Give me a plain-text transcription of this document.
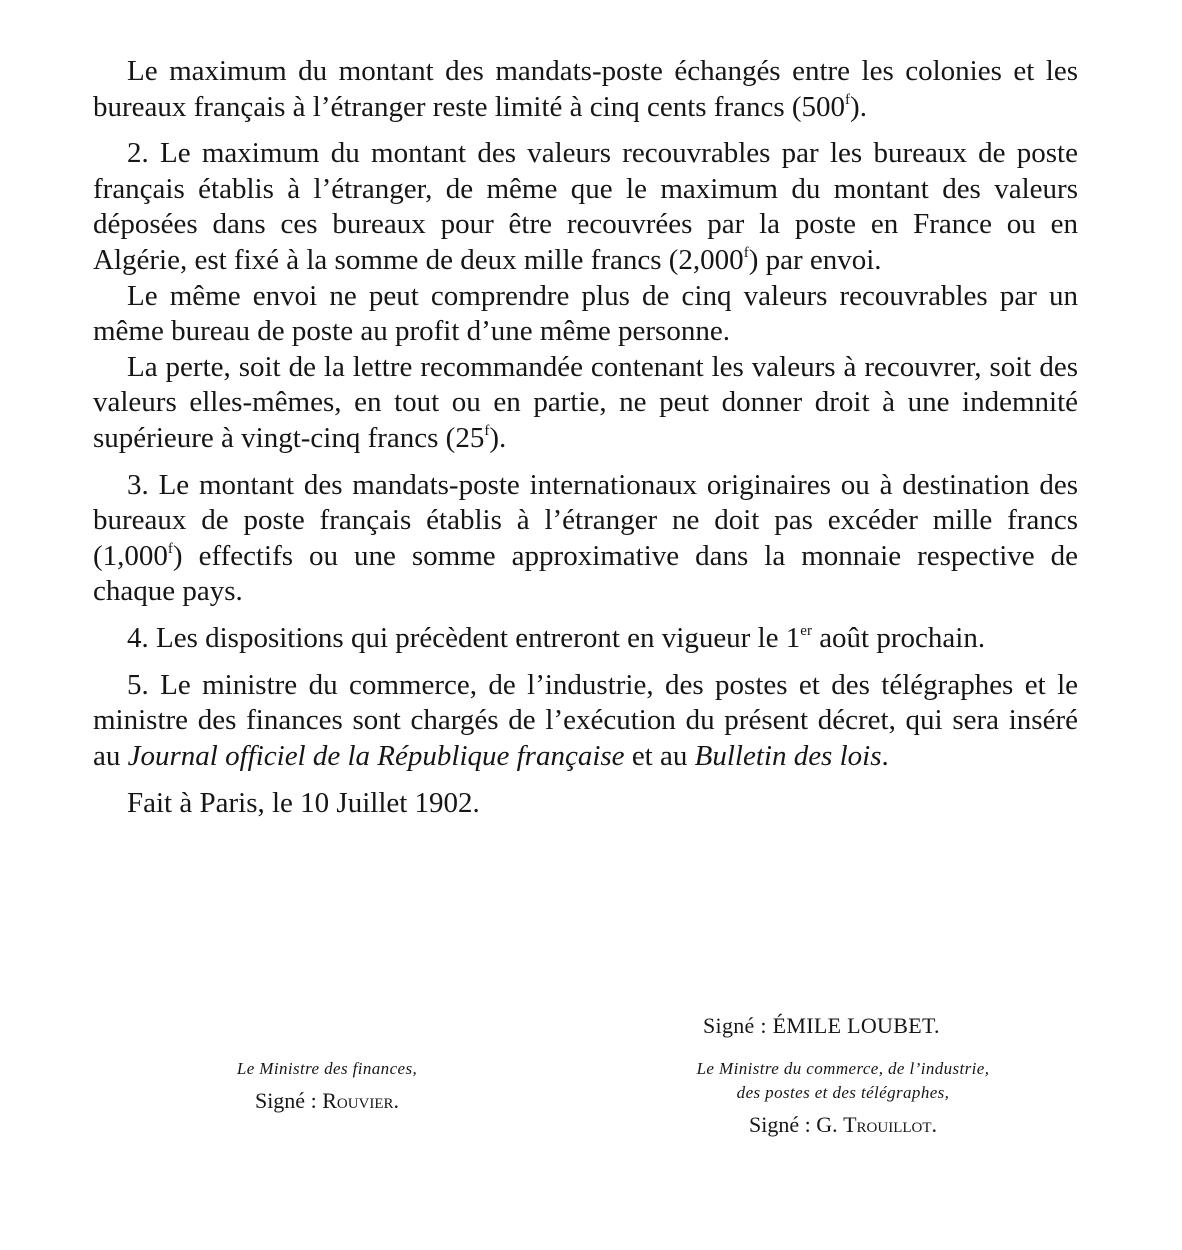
Le maximum du montant des mandats-poste échangés entre les colonies et les bureaux français à l’étranger reste limité à cinq cents francs (500$^f$).

2. Le maximum du montant des valeurs recouvrables par les bureaux de poste français établis à l’étranger, de même que le maximum du montant des valeurs déposées dans ces bureaux pour être recouvrées par la poste en France ou en Algérie, est fixé à la somme de deux mille francs (2,000$^f$) par envoi.

Le même envoi ne peut comprendre plus de cinq valeurs recouvrables par un même bureau de poste au profit d’une même personne.

La perte, soit de la lettre recommandée contenant les valeurs à recouvrer, soit des valeurs elles-mêmes, en tout ou en partie, ne peut donner droit à une indemnité supérieure à vingt-cinq francs (25$^f$).

3. Le montant des mandats-poste internationaux originaires ou à destination des bureaux de poste français établis à l’étranger ne doit pas excéder mille francs (1,000$^f$) effectifs ou une somme approximative dans la monnaie respective de chaque pays.

4. Les dispositions qui précèdent entreront en vigueur le 1er août prochain.

5. Le ministre du commerce, de l’industrie, des postes et des télégraphes et le ministre des finances sont chargés de l’exécution du présent décret, qui sera inséré au Journal officiel de la République française et au Bulletin des lois.

Fait à Paris, le 10 Juillet 1902.

Signé : ÉMILE LOUBET.
Le Ministre des finances,
Signé : Rouvier.
Le Ministre du commerce, de l’industrie,
des postes et des télégraphes,
Signé : G. Trouillot.
